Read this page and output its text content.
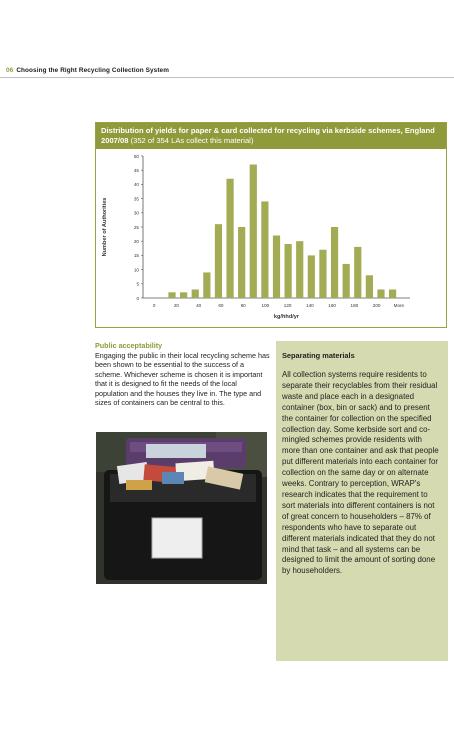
06 Choosing the Right Recycling Collection System
Distribution of yields for paper & card collected for recycling via kerbside schemes, England 2007/08 (352 of 354 LAs collect this material)
0
5
10
15
20
25
30
35
40
45
50
0	20	40	60	80	100	120	140	160	180	200	More
kg/hhd/yr
Number of Authorities
Public acceptability
Engaging the public in their local recycling scheme has been shown to be essential to the success of a scheme. Whichever scheme is chosen it is important that it is designed to fit the needs of the local population and the houses they live in. The type and sizes of containers can be central to this.
Separating materials
All collection systems require residents to separate their recyclables from their residual waste and place each in a designated container (box, bin or sack) and to present the container for collection on the specified collection day. Some kerbside sort and co-mingled schemes provide residents with more than one container and ask that people put different materials into each container for collection on the same day or on alternate weeks. Contrary to perception, WRAP's research indicates that the requirement to sort materials into different containers is not of great concern to householders – 87% of respondents who have to separate out different materials indicated that they do not mind that task – and all systems can be designed to limit the amount of sorting done by householders.
